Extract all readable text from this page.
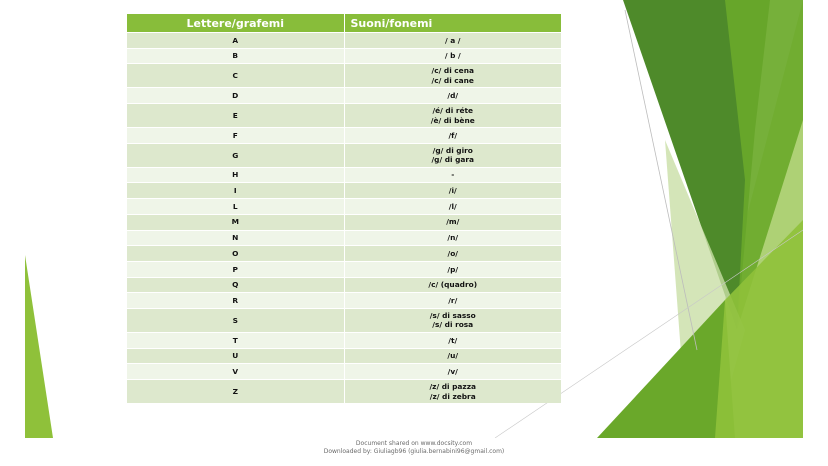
Lettere/grafemi	Suoni/fonemi
A	/ a /

B	/ b /

C	/c/ di cena
/c/ di cane

D	/d/

E	/é/ di réte
/è/ di bène

F	/f/

G	/g/ di giro
/g/ di gara

H	-

I	/i/

L	/l/

M	/m/

N	/n/

O	/o/

P	/p/

Q	/c/ (quadro)

R	/r/

S	/s/ di sasso
/s/ di rosa

T	/t/

U	/u/

V	/v/

Z	/z/ di pazza
/z/ di zebra
Document shared on www.docsity.com
Downloaded by: Giuliagb96 (giulia.bernabini96@gmail.com)
